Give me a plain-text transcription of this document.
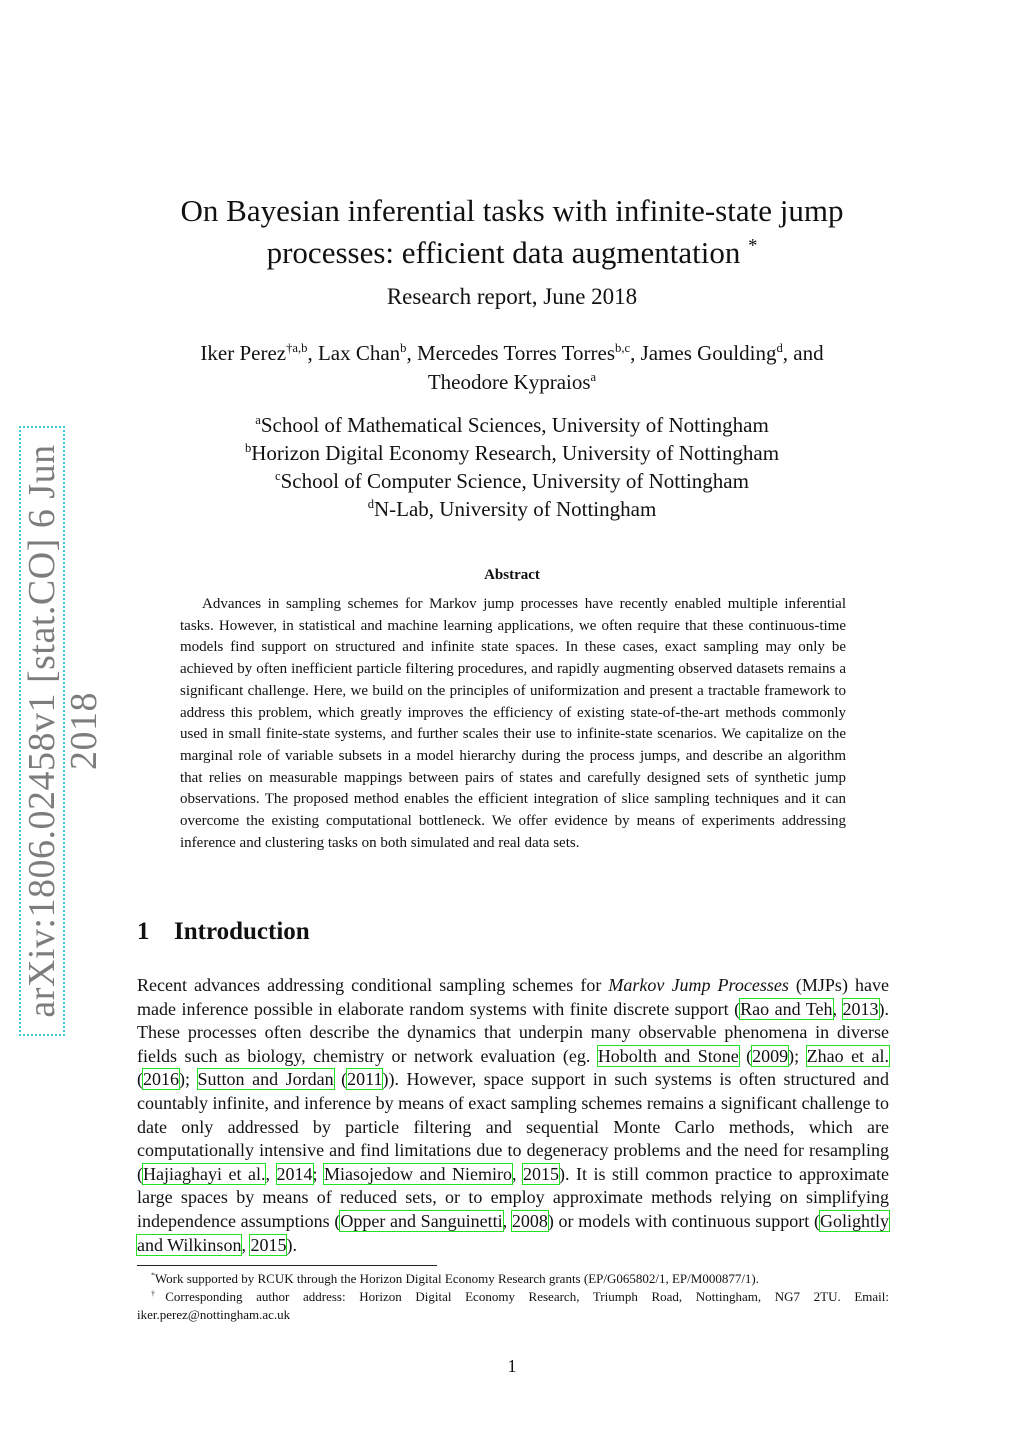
arXiv:1806.02458v1 [stat.CO] 6 Jun 2018
On Bayesian inferential tasks with infinite-state jump
processes: efficient data augmentation *
Research report, June 2018
Iker Perez$^{\dagger a,b}$, Lax Chan$^b$, Mercedes Torres Torres$^{b,c}$, James Goulding$^d$, and
Theodore Kypraios$^a$
$^a$School of Mathematical Sciences, University of Nottingham
$^b$Horizon Digital Economy Research, University of Nottingham
$^c$School of Computer Science, University of Nottingham
$^d$N-Lab, University of Nottingham
Abstract
Advances in sampling schemes for Markov jump processes have recently enabled multiple inferential tasks. However, in statistical and machine learning applications, we often require that these continuous-time models find support on structured and infinite state spaces. In these cases, exact sampling may only be achieved by often inefficient particle filtering procedures, and rapidly augmenting observed datasets remains a significant challenge. Here, we build on the principles of uniformization and present a tractable framework to address this problem, which greatly improves the efficiency of existing state-of-the-art methods commonly used in small finite-state systems, and further scales their use to infinite-state scenarios. We capitalize on the marginal role of variable subsets in a model hierarchy during the process jumps, and describe an algorithm that relies on measurable mappings between pairs of states and carefully designed sets of synthetic jump observations. The proposed method enables the efficient integration of slice sampling techniques and it can overcome the existing computational bottleneck. We offer evidence by means of experiments addressing inference and clustering tasks on both simulated and real data sets.
1 Introduction
Recent advances addressing conditional sampling schemes for Markov Jump Processes (MJPs) have made inference possible in elaborate random systems with finite discrete support (Rao and Teh, 2013). These processes often describe the dynamics that underpin many observable phenomena in diverse fields such as biology, chemistry or network evaluation (eg. Hobolth and Stone (2009); Zhao et al. (2016); Sutton and Jordan (2011)). However, space support in such systems is often structured and countably infinite, and inference by means of exact sampling schemes remains a significant challenge to date only addressed by particle filtering and sequential Monte Carlo methods, which are computationally intensive and find limitations due to degeneracy problems and the need for resampling (Hajiaghayi et al., 2014; Miasojedow and Niemiro, 2015). It is still common practice to approximate large spaces by means of reduced sets, or to employ approximate methods relying on simplifying independence assumptions (Opper and Sanguinetti, 2008) or models with continuous support (Golightly and Wilkinson, 2015).

*Work supported by RCUK through the Horizon Digital Economy Research grants (EP/G065802/1, EP/M000877/1).

†Corresponding author address: Horizon Digital Economy Research, Triumph Road, Nottingham, NG7 2TU. Email: iker.perez@nottingham.ac.uk

1
